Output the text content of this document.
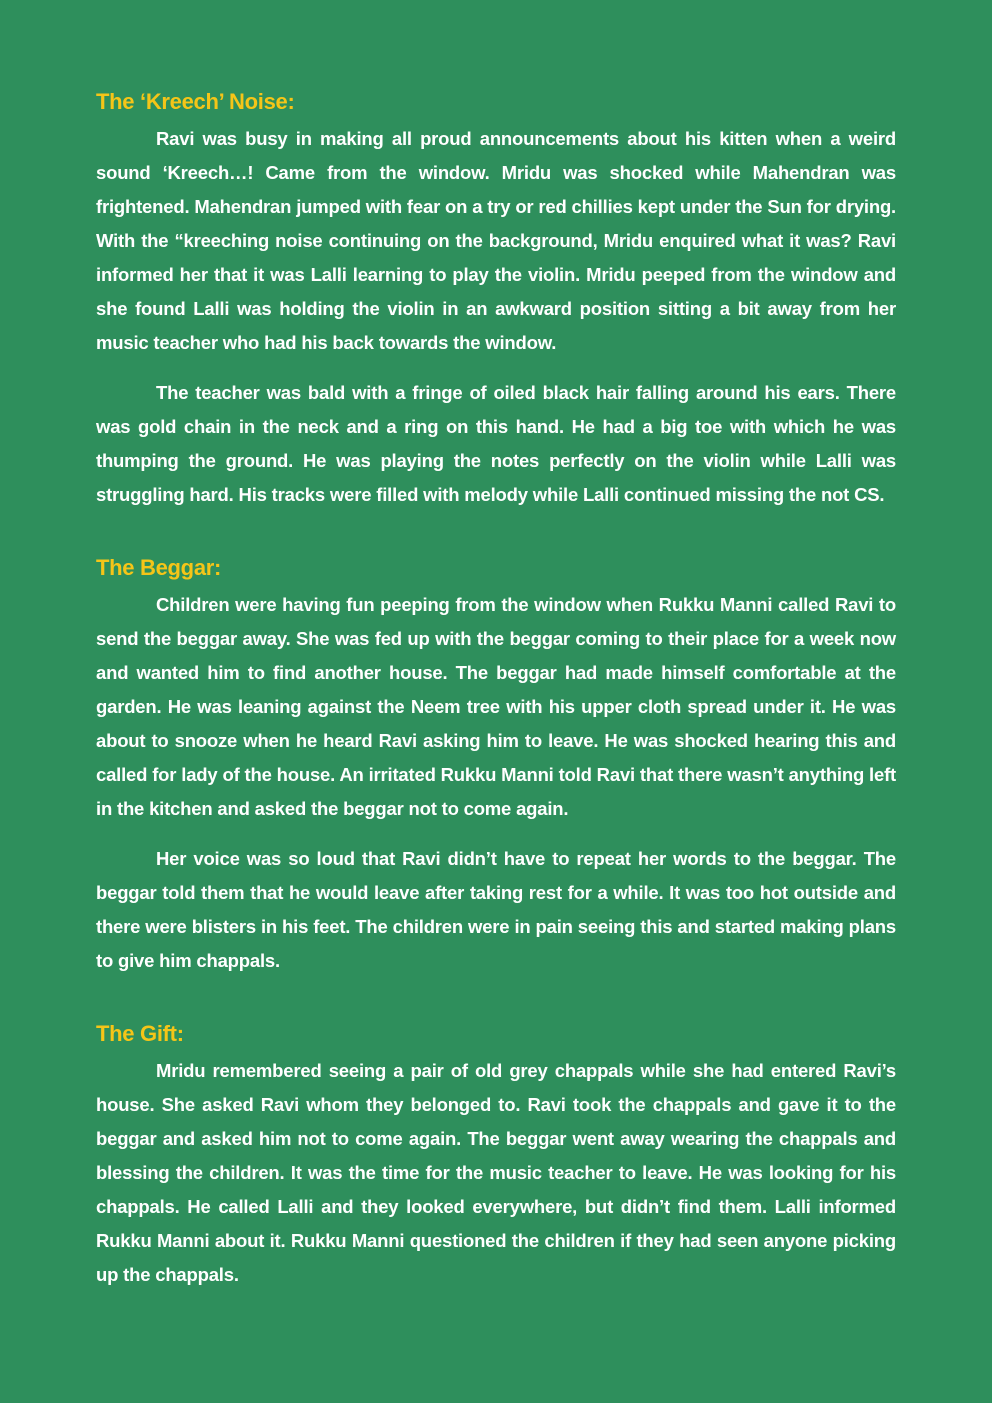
The ‘Kreech’ Noise:

Ravi was busy in making all proud announcements about his kitten when a weird sound ‘Kreech…! Came from the window. Mridu was shocked while Mahendran was frightened. Mahendran jumped with fear on a try or red chillies kept under the Sun for drying. With the “kreeching noise continuing on the background, Mridu enquired what it was? Ravi informed her that it was Lalli learning to play the violin. Mridu peeped from the window and she found Lalli was holding the violin in an awkward position sitting a bit away from her music teacher who had his back towards the window.

The teacher was bald with a fringe of oiled black hair falling around his ears. There was gold chain in the neck and a ring on this hand. He had a big toe with which he was thumping the ground. He was playing the notes perfectly on the violin while Lalli was struggling hard. His tracks were filled with melody while Lalli continued missing the not CS.

The Beggar:

Children were having fun peeping from the window when Rukku Manni called Ravi to send the beggar away. She was fed up with the beggar coming to their place for a week now and wanted him to find another house. The beggar had made himself comfortable at the garden. He was leaning against the Neem tree with his upper cloth spread under it. He was about to snooze when he heard Ravi asking him to leave. He was shocked hearing this and called for lady of the house. An irritated Rukku Manni told Ravi that there wasn’t anything left in the kitchen and asked the beggar not to come again.

Her voice was so loud that Ravi didn’t have to repeat her words to the beggar. The beggar told them that he would leave after taking rest for a while. It was too hot outside and there were blisters in his feet. The children were in pain seeing this and started making plans to give him chappals.

The Gift:

Mridu remembered seeing a pair of old grey chappals while she had entered Ravi’s house. She asked Ravi whom they belonged to. Ravi took the chappals and gave it to the beggar and asked him not to come again. The beggar went away wearing the chappals and blessing the children. It was the time for the music teacher to leave. He was looking for his chappals. He called Lalli and they looked everywhere, but didn’t find them. Lalli informed Rukku Manni about it. Rukku Manni questioned the children if they had seen anyone picking up the chappals.
